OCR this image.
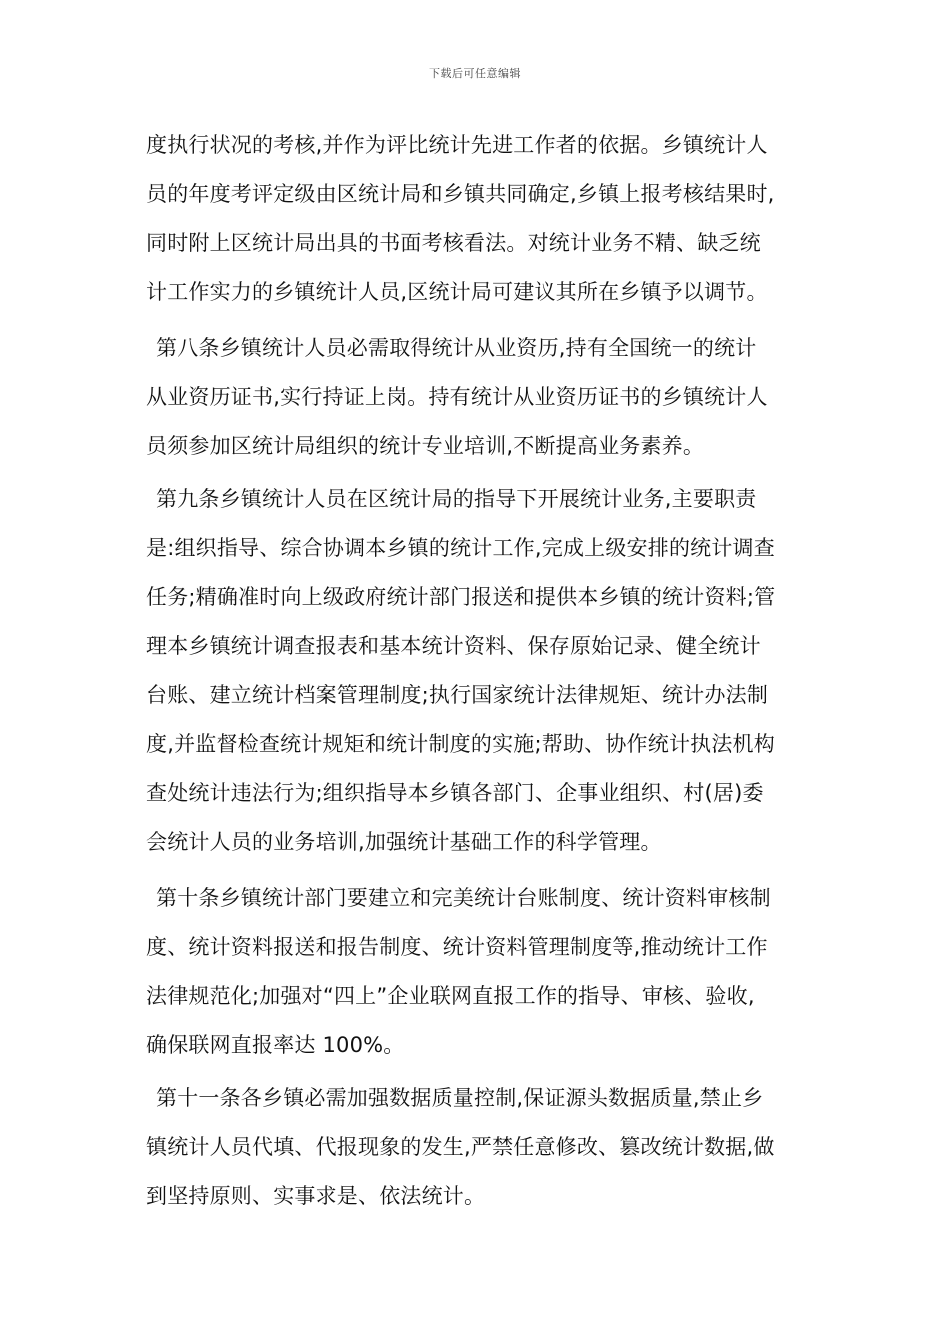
下载后可任意编辑
度执行状况的考核,并作为评比统计先进工作者的依据。乡镇统计人
员的年度考评定级由区统计局和乡镇共同确定,乡镇上报考核结果时,
同时附上区统计局出具的书面考核看法。对统计业务不精、缺乏统
计工作实力的乡镇统计人员,区统计局可建议其所在乡镇予以调节。
第八条乡镇统计人员必需取得统计从业资历,持有全国统一的统计
从业资历证书,实行持证上岗。持有统计从业资历证书的乡镇统计人
员须参加区统计局组织的统计专业培训,不断提高业务素养。
第九条乡镇统计人员在区统计局的指导下开展统计业务,主要职责
是:组织指导、综合协调本乡镇的统计工作,完成上级安排的统计调查
任务;精确准时向上级政府统计部门报送和提供本乡镇的统计资料;管
理本乡镇统计调查报表和基本统计资料、保存原始记录、健全统计
台账、建立统计档案管理制度;执行国家统计法律规矩、统计办法制
度,并监督检查统计规矩和统计制度的实施;帮助、协作统计执法机构
查处统计违法行为;组织指导本乡镇各部门、企事业组织、村(居)委
会统计人员的业务培训,加强统计基础工作的科学管理。
第十条乡镇统计部门要建立和完美统计台账制度、统计资料审核制
度、统计资料报送和报告制度、统计资料管理制度等,推动统计工作
法律规范化;加强对“四上”企业联网直报工作的指导、审核、验收,
确保联网直报率达 100%。
第十一条各乡镇必需加强数据质量控制,保证源头数据质量,禁止乡
镇统计人员代填、代报现象的发生,严禁任意修改、篡改统计数据,做
到坚持原则、实事求是、依法统计。
